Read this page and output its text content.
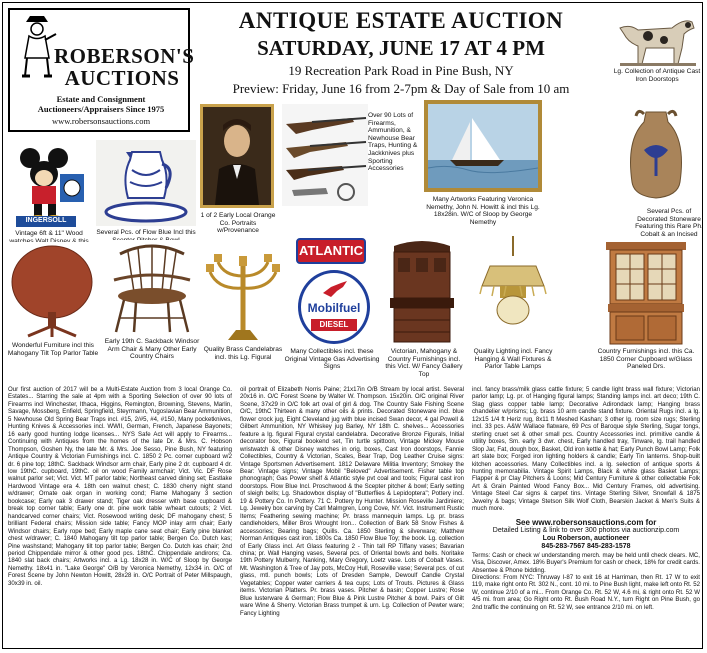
ROBERSON'S
AUCTIONS
Estate and Consignment
Auctioneers/Appraisers Since 1975
www.robersonsauctions.com
ANTIQUE ESTATE AUCTION
SATURDAY, JUNE 17 AT 4 PM
19 Recreation Park Road in Pine Bush, NY
Preview: Friday, June 16 from 2-7pm & Day of Sale from 10 am
Lg. Collection of Antique Cast Iron Doorstops
INGERSOLL
Vintage 6ft & 11" Wood	Several Pcs. of Flow Blue Incl this
1 of 2 Early Local Orange Co. Portraits w/Provenance
Over 90 Lots of Firearms, Ammunition, & Newhouse Bear Traps, Hunting & Jackknives plus Sporting Accessories
Many Artworks Featuring Veronica Nemethy, John N. Howitt & incl this Lg. 18x28in. W/C of Sloop by George Nemethy
Several Pcs. of Decorated Stoneware Featuring this Rare Ph. Cobalt & an Incised
Wonderful Furniture incl this Mahogany Tilt Top Parlor Table
Early 19th C. Sackback Windsor Arm Chair & Many Other Early Country Chairs
Quality Brass Candelabras incl. this Lg. Figural
ATLANTIC
Mobilfuel
DIESEL
Many Collectibles incl. these Original Vintage Gas Advertising Signs
Victorian, Mahogany & Country Furnishings incl. this Vict. W/ Fancy Gallery Top
Quality Lighting incl. Fancy Hanging & Wall Fixtures & Parlor Table Lamps
Country Furnishings incl. this Ca. 1850 Corner Cupboard w/Glass Paneled Drs.
Our first auction of 2017 will be a Multi-Estate Auction from 3 local Orange Co. Estates... Starring the sale at 4pm with a Sporting Selection of over 90 lots of Firearms incl Winchester, Ithaca, Higgins, Remington, Browning, Stevens, Marlin, Savage, Mossberg, Enfield, Springfield, Steyrmann, Yugoslavian Bear Ammunition, 5 Newhouse Old Spring Bear Traps incl. #15, 2/#5, #4, #150, Many pocketknives, Hunting Knives & Accessories incl. WWII, German, French, Japanese Bayonets; 16 early good hunting lodge licenses... NYS Safe Act will apply to Firearms... Continuing with Antiques from the homes of the late Dr. & Mrs. C. Hobson Thompson, Goshen Ny, the late Mr. & Mrs. Joe Sesso, Pine Bush, NY featuring Antique Country & Victorian Furnishings incl. C. 1850 2 Pc. corner cupboard w/2 dr. 6 pine top; 18thC. Sackback Windsor arm chair, Early pine 2 dr. cupboard 4 dr. low 19thC. cupboard, 19thC. oil on wood Family armchair; Vict. Vic. DF Rose walnut parlor set; Vict. Vict. MT parlor table; Northeast carved dining set; Eastlake Hardwood Vintage era 4. 18th cen walnut chest; C. 1830 cherry night stand w/drawer; Ornate oak organ in working cond; Flame Mahogany 3 section bookcase; Early oak 3 drawer stand; Tiger oak dresser with base cupboard & break top corner table; Early one dr. pine work table w/heart cutouts; 2 Vict. handcarved corner chairs; Vict. Rosewood writing desk; DF mahogany chest; 5 brilliant Federal chairs; Mission side table; Fancy MOP inlay arm chair; Early Windsor chairs; Early rope bed; Early maple cane seat chair; Early pine blanket chest w/drawer; C. 1840 Mahogany tilt top parlor table; Bergen Co. Dutch kas; Pine washstand; Mahogany tilt top parlor table; Bergen Co. Dutch kas chair; 2nd period Chippendale mirror & other good pcs. 18thC. Chippendale andirons; Ca. 1840 slat back chairs; Artworks incl. a Lg. 18x28 in. W/C of Sloop by George Nemethy. 18x41 in. "Lake George" O/B by Veronica Nemethy, 12x34 in. O/C of Forest Scene by John Newton Howitt, 28x28 in. O/C Portrait of Peter Millspaugh, 30x39 in. oil.
oil portrait of Elizabeth Norris Paine; 21x17in O/B Stream by local artist. Several 20x16 in. O/C Forest Scene by Walter W. Thompson. 15x20in. O/C original River Scene, 37x29 in O/C folk art oval of girl & dog. The Country Sale Fishing Scene O/C, 19thC Thirteen & many other oils & prints. Decorated Stoneware incl. blue flower crock jug, Eight Cleveland jug with blue incised Swan decor, 4 gal Powell & Gilbert Ammunition, NY Whiskey jug Barley, NY 18th C. shelves... Accessories feature a lg. figural Figural crystal candelabra. Decorative Bronze Figurals, Initial decorator box, Figural bookend set, Tin turtle spittoon, Vintage Mickey Mouse wristwatch & other Disney watches in orig. boxes, Cast Iron doorstops, Fannie Collectibles, Country & Victorian, Scales, Bear Trap, Dog Leather Cruise signs: Vintage Sportsmen Advertisement. 1812 Delaware Militia Inventory; Smokey the Bear: Vintage signs; Vintage Mobil "Beloved" Advertisement. Fisher table top phonograph; Gas Power shelf & Atlantic style pvt coal and tools; Figural cast iron doorstops. Flow Blue Incl. Proschwood & the Scepter pitcher & bowl; Early setting of sleigh bells; Lg. Shadowbox display of "Butterflies & Lepidoptera"; Pottery incl. 19 & Pottery Co. In Pottery. 71 C. Pottery by Hunter. Mission Roseville Jardiniere; Lg. Jewelry box carving by Carl Malmgren, Long Cove, NY. Vict. Instrument Rustic Items; Feathering sewing machine; Pr. brass mannequin lamps. Lg. pr. brass candleholders, Miller Bros Wrought Iron... Collection of Bark 58 Snow Fishes & accessories; Bearing bags; Quills. Ca. 1850 Sterling & silverware; Matthew Norman Antiques cast iron. 1800s Ca. 1850 Flow Blue Toy; the book. Lg. collection of Early Glass incl. Art Glass featuring 2 - Thin tall RP Tiffany vases; Bavarian china; pr. Wall Hanging vases, Several pcs. of Oriental bowls and bells. Noritake 19th Pottery Mulberry, Nanking, Mary Gregory, Loetz vase. Lots of Cobalt Vases. Mt. Washington & Tree of Jay pots, McCoy Hull, Roseville vase; Several pcs. of cut glass, mtl. punch bowls; Lots of Dresden Sample, Dewoulf Candle Crystal Vegetables; Copper water carriers & tea cups; Lots of Trouts. Pictures & Glass items. Victorian Platters. Pr. brass vases. Pitcher & basin; Copper Lustre; Rose Blue lusterware & German; Flow Blue & Pink Lustre Pitcher & bowl. Pairs of Gilt ware Wine & Sherry. Victorian Brass trumpet & urn. Lg. Collection of Pewter ware; Fancy Lighting
incl. fancy brass/milk glass cattle fixture; 5 candle light brass wall fixture; Victorian parlor lamp; Lg. pr. of Hanging figural lamps; Standing lamps incl. art deco; 19th C. Slag glass copper table lamp; Decorative Adirondack lamp; Hanging brass chandelier w/prisms; Lg. brass 10 arm candle stand fixture. Oriental Rugs incl. a lg. 12x15 1/4 ft Heriz rug, 8x11 ft Meshed Kashan; 3 other lg. room size rugs; Sterling incl. 33 pcs. A&W Wallace flatware, 69 Pcs of Baroque style Sterling, Sugar tongs, sterling cruet set & other small pcs. Country Accessories incl. primitive candle & utility boxes, Sm. early 3 dwr. chest, Early handled tray, Tinware, lg. trail handled Slop Jar, Fat, dough box, Basket, Old iron kettle & hat; Early Punch Bowl Lamp; Folk art slate box; Forged iron lighting holders & candle; Early Tin lanterns. Shop-built kitchen accessories. Many Collectibles incl. a lg. selection of antique sports & hunting memorabilia. Vintage Spirit Lamps, Black & white glass Basket Lamps; Flapper & pr Clay Pitchers & Loons; Mid Century Furniture & other collectable Folk Art & Grain Painted Wood Fancy Box... Mid Century Frames, old advertising. Vintage Steel Car signs & carpet tins. Vintage Sterling Silver, Snowfall & 1875 Jewelry & bags; Vintage Stetson Silk Wolf Cloth, Bearskin Jacket & Men's Suits & much more.
See www.robersonsauctions.com for
Detailed Listing & link to over 300 photos via auctionzip.com
Lou Roberson, auctioneer
845-283-7567 845-283-1578
Terms: Cash or check w/ understanding merch. may be held until check clears. MC, Visa, Discover, Amex. 18% Buyer's Premium for cash or check, 18% for credit cards. Absentee & Phone bidding.
Directions: From NYC: Thruway I-87 to exit 16 at Harriman, then Rt. 17 W to exit 119, make right onto Rt. 302 N., cont. 10 mi. to Pine Bush light, make left onto Rt. 52 W, continue 2/10 of a mi... From Orange Co. Rt. 52 W, 4.6 mi, & right onto Rt. 52 W 4/5 mi. from area; Go Right onto Rt. Bush Road N.Y., turn Right on Pine Bush, go 2nd traffic the continuing on Rt. 52 W, see entrance 2/10 mi. on left.
